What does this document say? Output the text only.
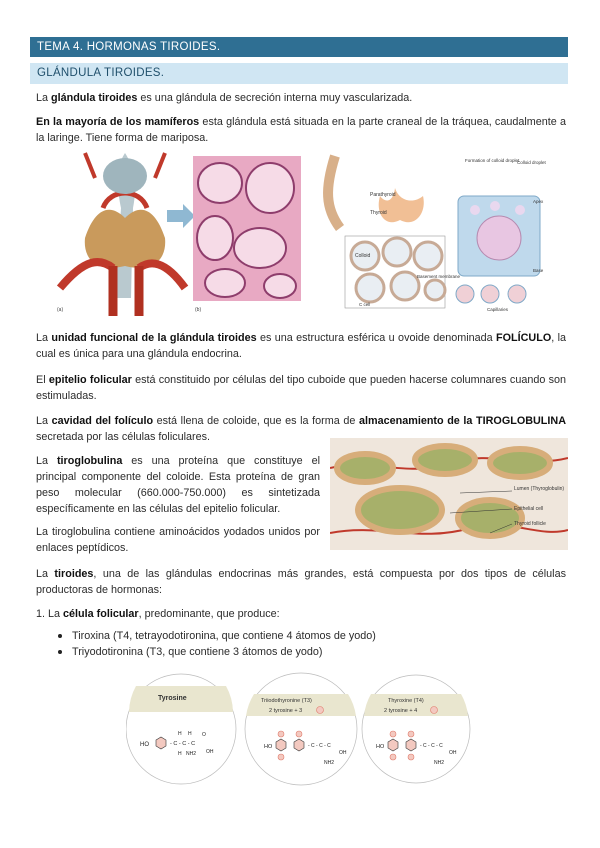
TEMA 4. HORMONAS TIROIDES.
GLÁNDULA TIROIDES.
La glándula tiroides es una glándula de secreción interna muy vascularizada.
En la mayoría de los mamíferos esta glándula está situada en la parte craneal de la tráquea, caudalmente a la laringe. Tiene forma de mariposa.
(a)	(b)
Parathyroid
Thyroid
Colloid
C cell
Basement membrane
Formation of colloid droplet
Colloid droplet
Apex
Base
Capillaries
La unidad funcional de la glándula tiroides es una estructura esférica u ovoide denominada FOLÍCULO, la cual es única para una glándula endocrina.
El epitelio folicular está constituido por células del tipo cuboide que pueden hacerse columnares cuando son estimuladas.
La cavidad del folículo está llena de coloide, que es la forma de almacenamiento de la TIROGLOBULINA secretada por las células foliculares.
La tiroglobulina es una proteína que constituye el principal componente del coloide. Esta proteína de gran peso molecular (660.000-750.000) es sintetizada específicamente en las células del epitelio folicular.
La tiroglobulina contiene aminoácidos yodados unidos por enlaces peptídicos.
Lumen (Thyroglobulin)
Epithelial cell
Thyroid follicle
La tiroides, una de las glándulas endocrinas más grandes, está compuesta por dos tipos de células productoras de hormonas:
1. La célula folicular, predominante, que produce:
Tiroxina (T4, tetrayodotironina, que contiene 4 átomos de yodo)
Triyodotironina (T3, que contiene 3 átomos de yodo)
Tyrosine
HO	- C - C - C
H H O
H NH2 OH
Triiodothyronine (T3)
2 tyrosine + 3
HO	- C - C - C
NH2
OH
Thyroxine (T4)
2 tyrosine + 4
HO	- C - C - C
NH2
OH
